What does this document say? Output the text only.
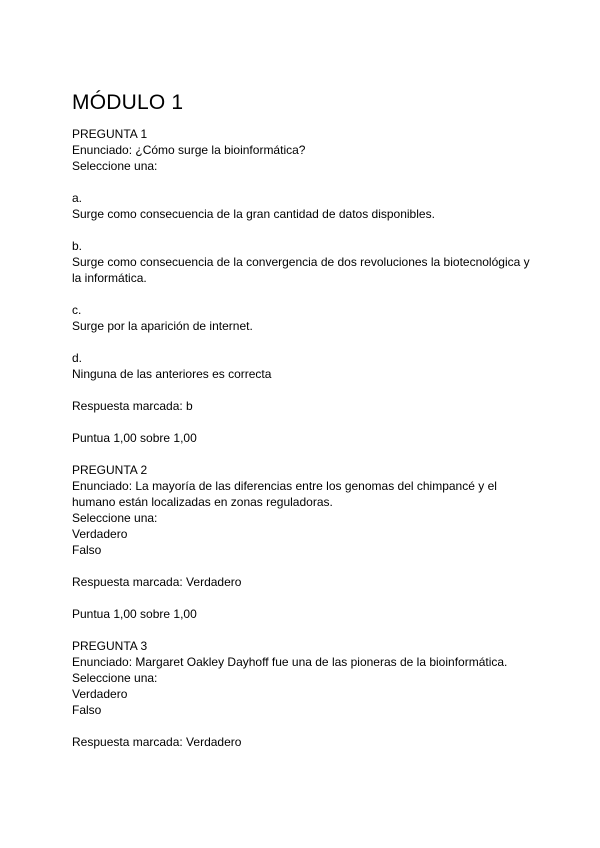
MÓDULO 1
PREGUNTA 1
Enunciado: ¿Cómo surge la bioinformática?
Seleccione una:
a.
Surge como consecuencia de la gran cantidad de datos disponibles.
b.
Surge como consecuencia de la convergencia de dos revoluciones la biotecnológica y la informática.
c.
Surge por la aparición de internet.
d.
Ninguna de las anteriores es correcta
Respuesta marcada: b
Puntua 1,00 sobre 1,00
PREGUNTA 2
Enunciado: La mayoría de las diferencias entre los genomas del chimpancé y el humano están localizadas en zonas reguladoras.
Seleccione una:
Verdadero
Falso
Respuesta marcada: Verdadero
Puntua 1,00 sobre 1,00
PREGUNTA 3
Enunciado: Margaret Oakley Dayhoff fue una de las pioneras de la bioinformática.
Seleccione una:
Verdadero
Falso
Respuesta marcada: Verdadero
